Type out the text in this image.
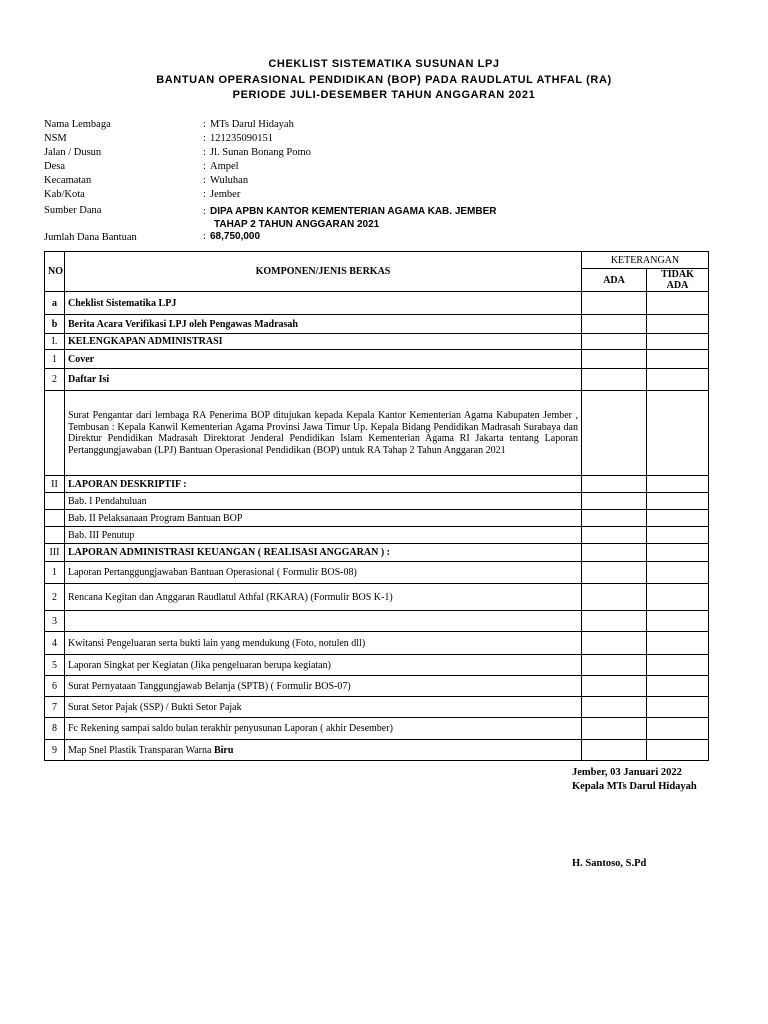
CHEKLIST SISTEMATIKA SUSUNAN LPJ
BANTUAN OPERASIONAL PENDIDIKAN (BOP) PADA RAUDLATUL ATHFAL (RA)
PERIODE JULI-DESEMBER TAHUN ANGGARAN 2021
Nama Lembaga	: MTs Darul Hidayah
NSM	: 121235090151
Jalan / Dusun	: Jl. Sunan Bonang Pomo
Desa	: Ampel
Kecamatan	: Wuluhan
Kab/Kota	: Jember
Sumber Dana	: DIPA APBN KANTOR KEMENTERIAN AGAMA KAB. JEMBER
TAHAP 2 TAHUN ANGGARAN 2021
Jumlah Dana Bantuan	: 68,750,000
NO	KOMPONEN/JENIS BERKAS	KETERANGAN	
		ADA	TIDAK ADA
a	Cheklist Sistematika LPJ		
b	Berita Acara Verifikasi LPJ oleh Pengawas Madrasah		
I.	KELENGKAPAN ADMINISTRASI		
1	Cover		
2	Daftar Isi		
	Surat Pengantar dari lembaga RA Penerima BOP ditujukan kepada Kepala Kantor Kementerian Agama Kabupaten Jember , Tembusan : Kepala Kanwil Kementerian Agama Provinsi Jawa Timur Up. Kepala Bidang Pendidikan Madrasah Surabaya dan Direktur Pendidikan Madrasah Direktorat Jenderal Pendidikan Islam Kementerian Agama RI Jakarta tentang Laporan Pertanggungjawaban (LPJ) Bantuan Operasional Pendidikan (BOP) untuk RA Tahap 2 Tahun Anggaran 2021		
II	LAPORAN DESKRIPTIF :		
	Bab. I Pendahuluan		
	Bab. II Pelaksanaan Program Bantuan BOP		
	Bab. III Penutup		
III	LAPORAN ADMINISTRASI KEUANGAN ( REALISASI ANGGARAN ) :		
1	Laporan Pertanggungjawaban Bantuan Operasional ( Formulir BOS-08)		
2	Rencana Kegitan dan Anggaran Raudlatul Athfal (RKARA) (Formulir BOS K-1)		
3			
4	Kwitansi Pengeluaran serta bukti lain yang mendukung (Foto, notulen dll)		
5	Laporan Singkat per Kegiatan (Jika pengeluaran berupa kegiatan)		
6	Surat Pernyataan Tanggungjawab Belanja (SPTB) ( Formulir BOS-07)		
7	Surat Setor Pajak (SSP) / Bukti Setor Pajak		
8	Fc Rekening sampai saldo bulan terakhir penyusunan Laporan ( akhir Desember)		
9	Map Snel Plastik Transparan Warna Biru		
Jember, 03 Januari 2022
Kepala MTs Darul Hidayah
H. Santoso, S.Pd
